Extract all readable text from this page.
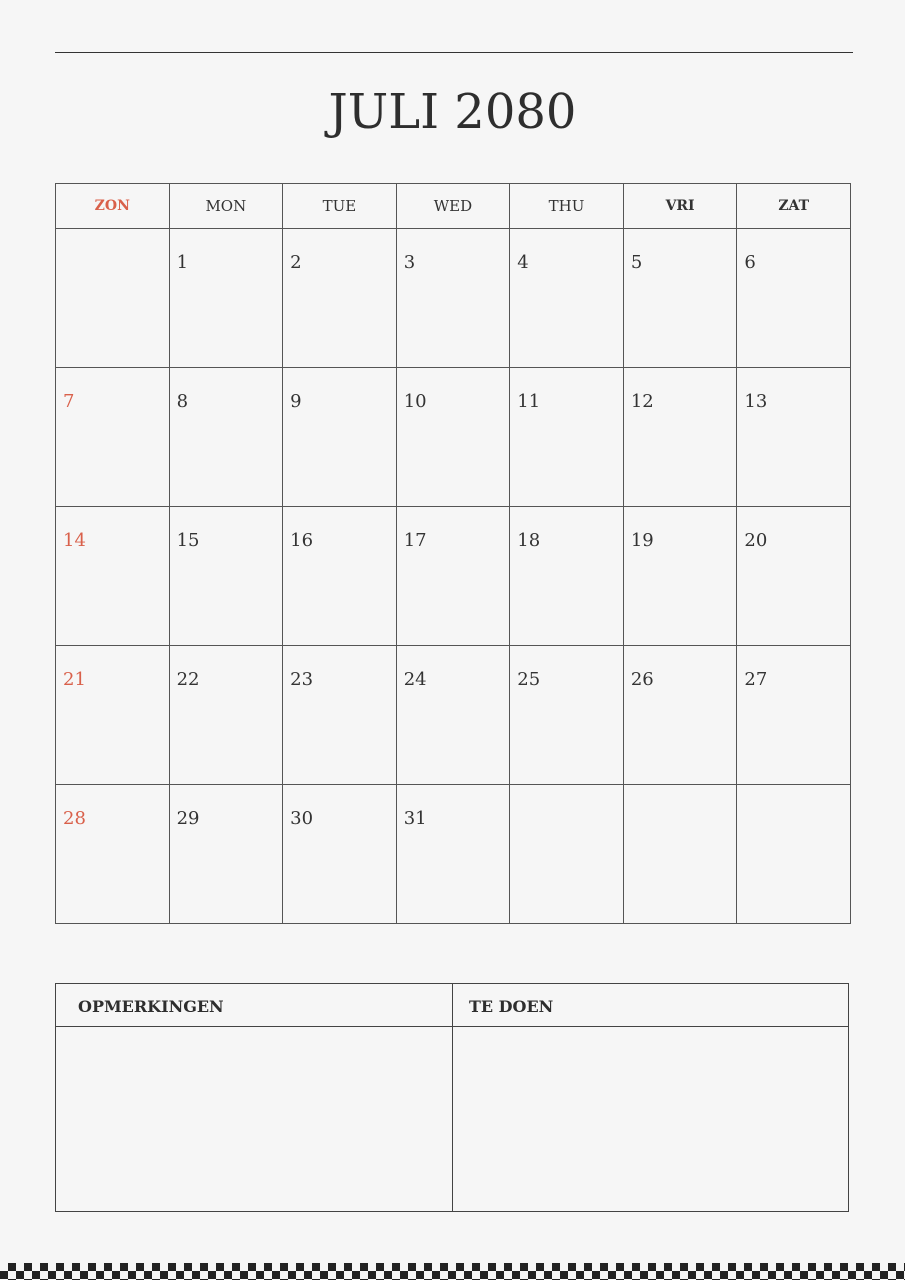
JULI 2080
ZON	MON	TUE	WED	THU	VRI	ZAT

	1	2	3	4	5	6

7	8	9	10	11	12	13

14	15	16	17	18	19	20

21	22	23	24	25	26	27

28	29	30	31			

OPMERKINGEN	TE DOEN
